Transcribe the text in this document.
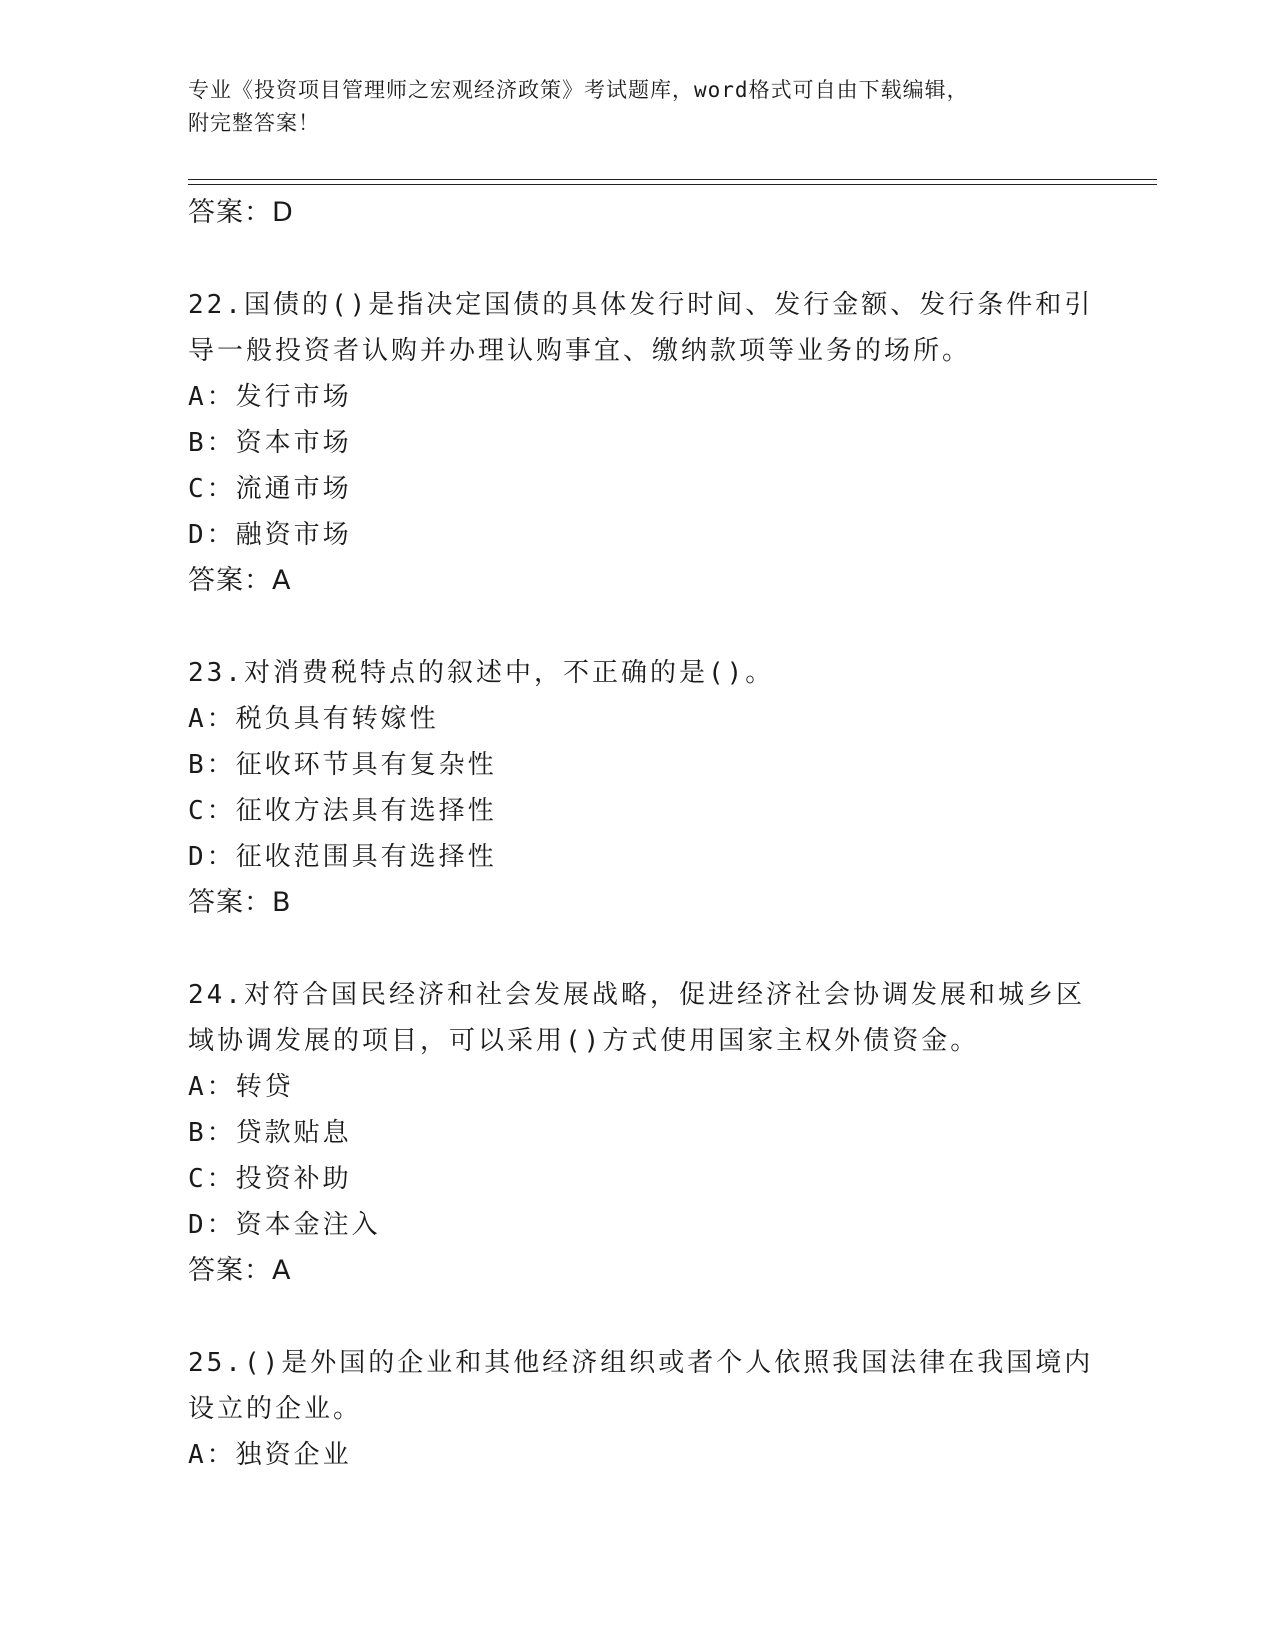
专业《投资项目管理师之宏观经济政策》考试题库，word格式可自由下载编辑，
附完整答案！
答案：D
22.国债的()是指决定国债的具体发行时间、发行金额、发行条件和引
导一般投资者认购并办理认购事宜、缴纳款项等业务的场所。
A：发行市场
B：资本市场
C：流通市场
D：融资市场
答案：A
23.对消费税特点的叙述中，不正确的是()。
A：税负具有转嫁性
B：征收环节具有复杂性
C：征收方法具有选择性
D：征收范围具有选择性
答案：B
24.对符合国民经济和社会发展战略，促进经济社会协调发展和城乡区
域协调发展的项目，可以采用()方式使用国家主权外债资金。
A：转贷
B：贷款贴息
C：投资补助
D：资本金注入
答案：A
25.()是外国的企业和其他经济组织或者个人依照我国法律在我国境内
设立的企业。
A：独资企业
